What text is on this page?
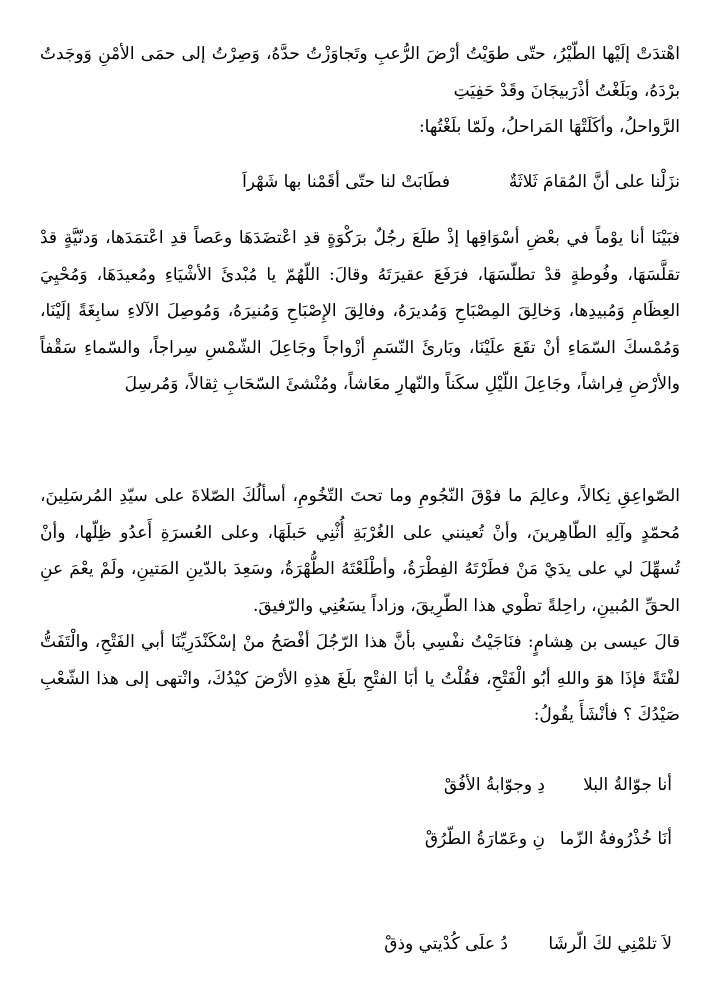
اهْتدَتْ إلَيْها الطّيْرُ، حتّى طوَيْتُ أرْضَ الرُّعبِ وتَجاوَزْتُ حدَّهُ، وَصِرْتُ إلى حمَى الأمْنِ وَوجَدتُ برْدَهُ، وبَلَغْتُ أذْرَبيجَانَ وقَدْ حَفِيَتِ

الرَّواحلُ، وأكَلَتْهَا المَراحلُ، ولَمّا بلَغْتُها:

نزَلْنا على أنَّ المُقامَ ثَلاثَةٌ

فطَابَتْ لنا حتّى أقَمْنا بها شَهْراَ

فبَيْنَا أنا يوْماً في بعْضِ أسْوَاقِها إذْ طلَعَ رجُلٌ برَكْوَةٍ قدِ اعْتضَدَهَا وعَصاً قدِ اعْتمَدَها، وَدنّيَّةٍ قدْ تقلَّسَهَا، وفُوطةٍ قدْ تطلّسَهَا، فرَفَعَ عقيرَتَهُ وقالَ: اللّهُمّ يا مُبْدئَ الأشْيَاءِ ومُعيدَهَا، وَمُحْيِيَ العِظَامِ وَمُبيدِها، وَخالِقَ المِصْبَاحِ وَمُديرَهُ، وفالِقَ الإِصْبَاحِ وَمُنيرَهُ، وَمُوصِلَ الآلاءِ سابِغَةً إلَيْنَا، وَمُمْسكَ السّمَاءِ أنْ تقَعَ علَيْنَا، وبَارئَ النّسَمِ أزْواجاً وجَاعِلَ الشّمْسِ سِراجاً، والسّماءِ سَقْفاً والأرْضِ فِراشاً، وجَاعِلَ اللّيْلِ سكَناً والنّهارِ معَاشاً، ومُنْشئَ السّحَابِ ثِقالاً، وَمُرسِلَ

الصّواعِقِ نِكالاً، وعالِمَ ما فوْقَ النّجُومِ وما تحتَ التّخُومِ، أسألُكَ الصّلاةَ على سيّدِ المُرسَلِينَ، مُحمّدٍ وآلِهِ الطّاهِرينَ، وأنْ تُعينني على الغُرْبَةِ أُثْنِي حَبلَهَا، وعلى العُسرَةِ أَعدُو ظِلّها، وأنْ تُسهِّلَ لي على يدَيْ مَنْ فطَرْتَهُ الفِطْرَةُ، وأطْلَعْتَهُ الطُّهْرَةُ، وسَعِدَ بالدّينِ المَتينِ، ولَمْ يعْمَ عنِ الحقِّ المُبينِ، راحِلةً تطْوي هذا الطّرِيقَ، وزاداً يسَعُنِي والرّفيقَ.

قالَ عيسى بن هِشامٍ: فنَاجَيْتُ نفْسِي بأنَّ هذا الرّجُلَ أفْصَحُ منْ إسْكَنْدَرِيِّنَا أبي الفَتْحِ، والْتَفَتُّ لفْتَةً فإذَا هوَ واللهِ أبُو الْفَتْحِ، فقُلْتُ يا أبَا الفتْحِ بلَغَ هذِهِ الأرْضَ كيْدُكَ، وانْتهى إلى هذا الشّعْبِ صَيْدُكَ ؟ فأنْشَأَ يقُولُ:

أنا جوّالةُ البلا

دِ وجوّابةُ الأفُقْ

أنَا خُذْرُوفةُ الزّما

نِ وعَمّارَةُ الطّرُقْ

لاَ تلمْنِي لكَ الّرشَا

دُ علَى كُدْيتي وذقْ
